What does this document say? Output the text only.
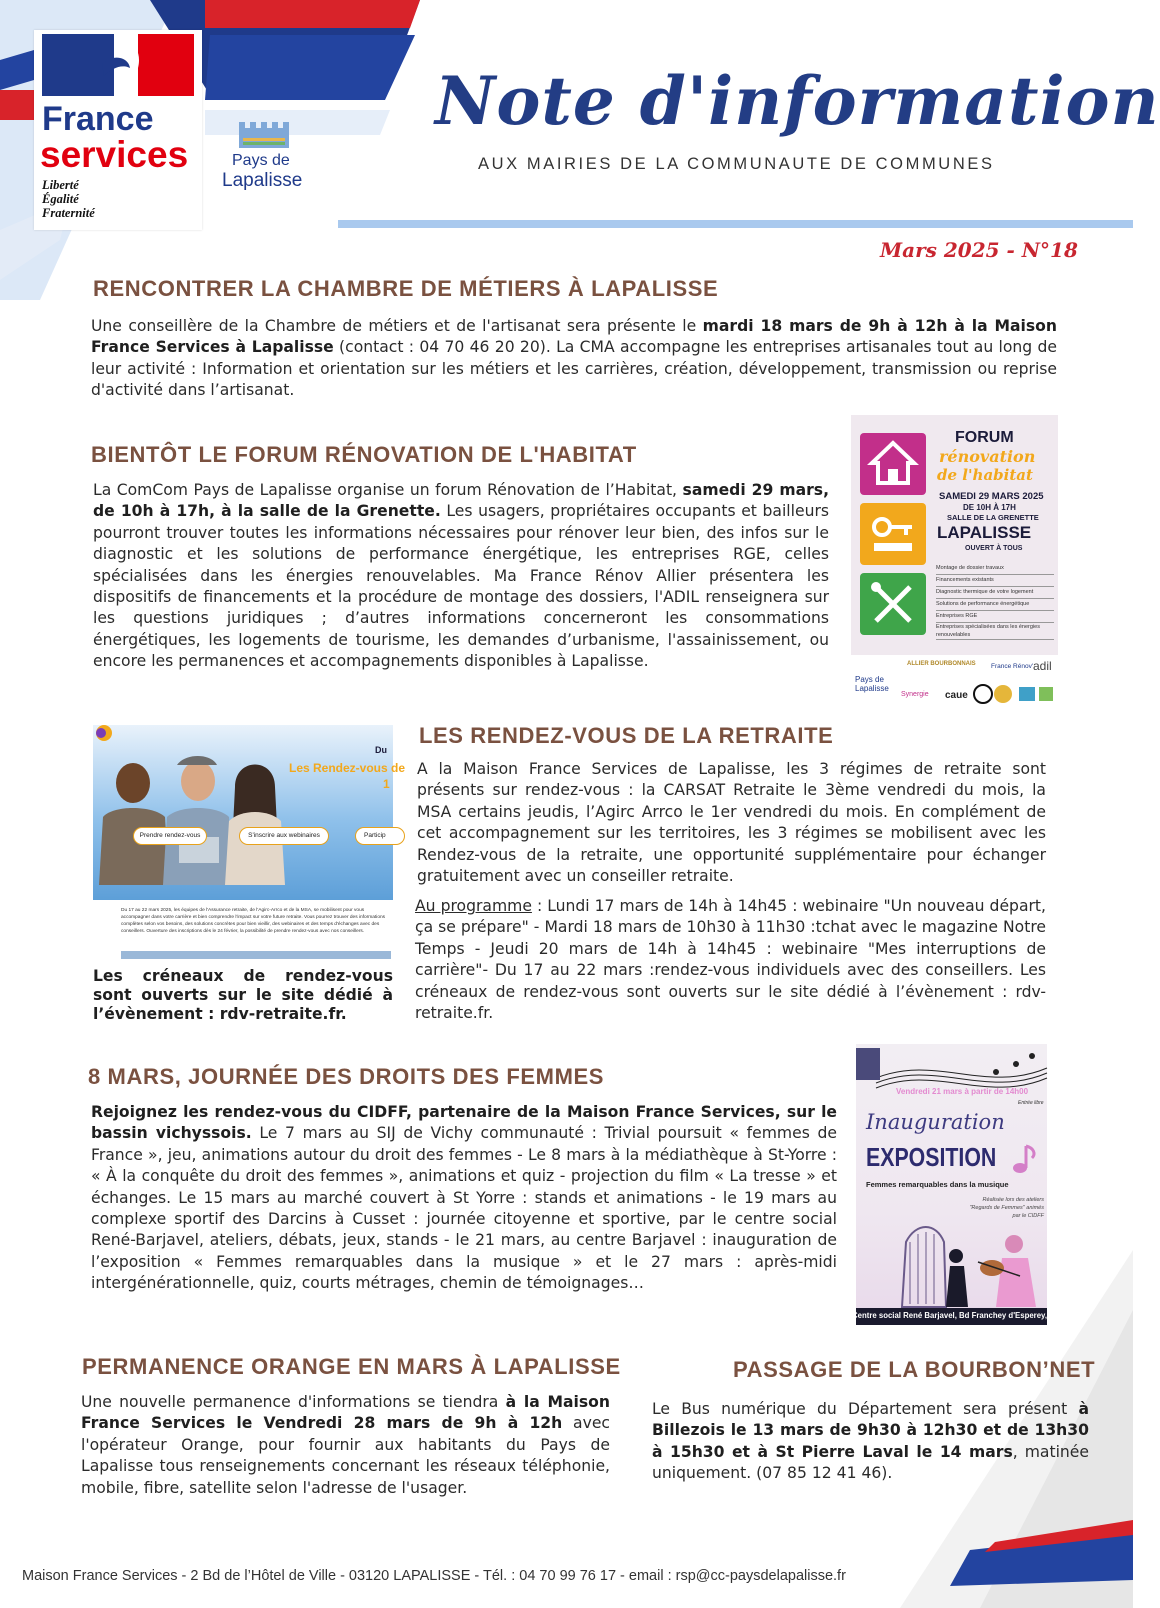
France
services
Liberté
Égalité
Fraternité
Pays de
Lapalisse
Note d'information
AUX MAIRIES DE LA COMMUNAUTE DE COMMUNES
Mars 2025 - N°18
RENCONTRER LA CHAMBRE DE MÉTIERS À LAPALISSE
Une conseillère de la Chambre de métiers et de l'artisanat sera présente le mardi 18 mars de 9h à 12h à la Maison France Services à Lapalisse (contact : 04 70 46 20 20). La CMA accompagne les entreprises artisanales tout au long de leur activité : Information et orientation sur les métiers et les carrières, création, développement, transmission ou reprise d'activité dans l’artisanat.
BIENTÔT LE FORUM RÉNOVATION DE L'HABITAT
La ComCom Pays de Lapalisse organise un forum Rénovation de l’Habitat, samedi 29 mars, de 10h à 17h, à la salle de la Grenette. Les usagers, propriétaires occupants et bailleurs pourront trouver toutes les informations nécessaires pour rénover leur bien, des infos sur le diagnostic et les solutions de performance énergétique, les entreprises RGE, celles spécialisées dans les énergies renouvelables. Ma France Rénov Allier présentera les dispositifs de financements et la procédure de montage des dossiers, l'ADIL renseignera sur les questions juridiques ; d’autres informations concerneront les consommations énergétiques, les logements de tourisme, les demandes d’urbanisme, l'assainissement, ou encore les permanences et accompagnements disponibles à Lapalisse.
FORUM
rénovation
de l'habitat
SAMEDI 29 MARS 2025
DE 10H À 17H
SALLE DE LA GRENETTE
LAPALISSE
OUVERT À TOUS
Montage de dossier travaux
Financements existants
Diagnostic thermique de votre logement
Solutions de performance énergétique
Entreprises RGE
Entreprises spécialisées dans les énergies renouvelables
Pays de Lapalisse
ALLIER BOURBONNAIS France Rénov' adil
Synergie caue
Du
Les Rendez-vous de
1
Prendre rendez-vous	S'inscrire aux webinaires	Particip
Du 17 au 22 mars 2025, les équipes de l'Assurance retraite, de l'Agirc-Arrco et de la MSA, se mobilisent pour vous accompagner dans votre carrière et bien comprendre l'impact sur votre future retraite. Vous pourrez trouver des informations complètes selon vos besoins, des solutions concrètes pour bien vieillir, des webinaires et des temps d'échanges avec des conseillers. Ouverture des inscriptions dès le 24 février, la possibilité de prendre rendez-vous avec nos conseillers.
Les créneaux de rendez-vous sont ouverts sur le site dédié à l’évènement : rdv-retraite.fr.
LES RENDEZ-VOUS DE LA RETRAITE
A la Maison France Services de Lapalisse, les 3 régimes de retraite sont présents sur rendez-vous : la CARSAT Retraite le 3ème vendredi du mois, la MSA certains jeudis, l’Agirc Arrco le 1er vendredi du mois. En complément de cet accompagnement sur les territoires, les 3 régimes se mobilisent avec les Rendez-vous de la retraite, une opportunité supplémentaire pour échanger gratuitement avec un conseiller retraite.
Au programme : Lundi 17 mars de 14h à 14h45 : webinaire "Un nouveau départ, ça se prépare" - Mardi 18 mars de 10h30 à 11h30 :tchat avec le magazine Notre Temps - Jeudi 20 mars de 14h à 14h45 : webinaire "Mes interruptions de carrière"- Du 17 au 22 mars :rendez-vous individuels avec des conseillers. Les créneaux de rendez-vous sont ouverts sur le site dédié à l’évènement : rdv-retraite.fr.
8 MARS, JOURNÉE DES DROITS DES FEMMES
Rejoignez les rendez-vous du CIDFF, partenaire de la Maison France Services, sur le bassin vichyssois. Le 7 mars au SIJ de Vichy communauté : Trivial poursuit « femmes de France », jeu, animations autour du droit des femmes - Le 8 mars à la médiathèque à St-Yorre : « À la conquête du droit des femmes », animations et quiz - projection du film « La tresse » et échanges. Le 15 mars au marché couvert à St Yorre : stands et animations - le 19 mars au complexe sportif des Darcins à Cusset : journée citoyenne et sportive, par le centre social René-Barjavel, ateliers, débats, jeux, stands - le 21 mars, au centre Barjavel : inauguration de l’exposition « Femmes remarquables dans la musique » et le 27 mars : après-midi intergénérationnelle, quiz, courts métrages, chemin de témoignages…
Vendredi 21 mars à partir de 14h00
Entrée libre
Inauguration
EXPOSITION
Femmes remarquables dans la musique
Réalisée lors des ateliers
"Regards de Femmes" animés
par le CIDFF
Centre social René Barjavel, Bd Franchey d'Esperey, Vichy
PERMANENCE ORANGE EN MARS À LAPALISSE
Une nouvelle permanence d'informations se tiendra à la Maison France Services le Vendredi 28 mars de 9h à 12h avec l'opérateur Orange, pour fournir aux habitants du Pays de Lapalisse tous renseignements concernant les réseaux téléphonie, mobile, fibre, satellite selon l'adresse de l'usager.
PASSAGE DE LA BOURBON’NET
Le Bus numérique du Département sera présent à Billezois le 13 mars de 9h30 à 12h30 et de 13h30 à 15h30 et à St Pierre Laval le 14 mars, matinée uniquement. (07 85 12 41 46).
Maison France Services - 2 Bd de l’Hôtel de Ville - 03120 LAPALISSE - Tél. : 04 70 99 76 17 - email : rsp@cc-paysdelapalisse.fr
